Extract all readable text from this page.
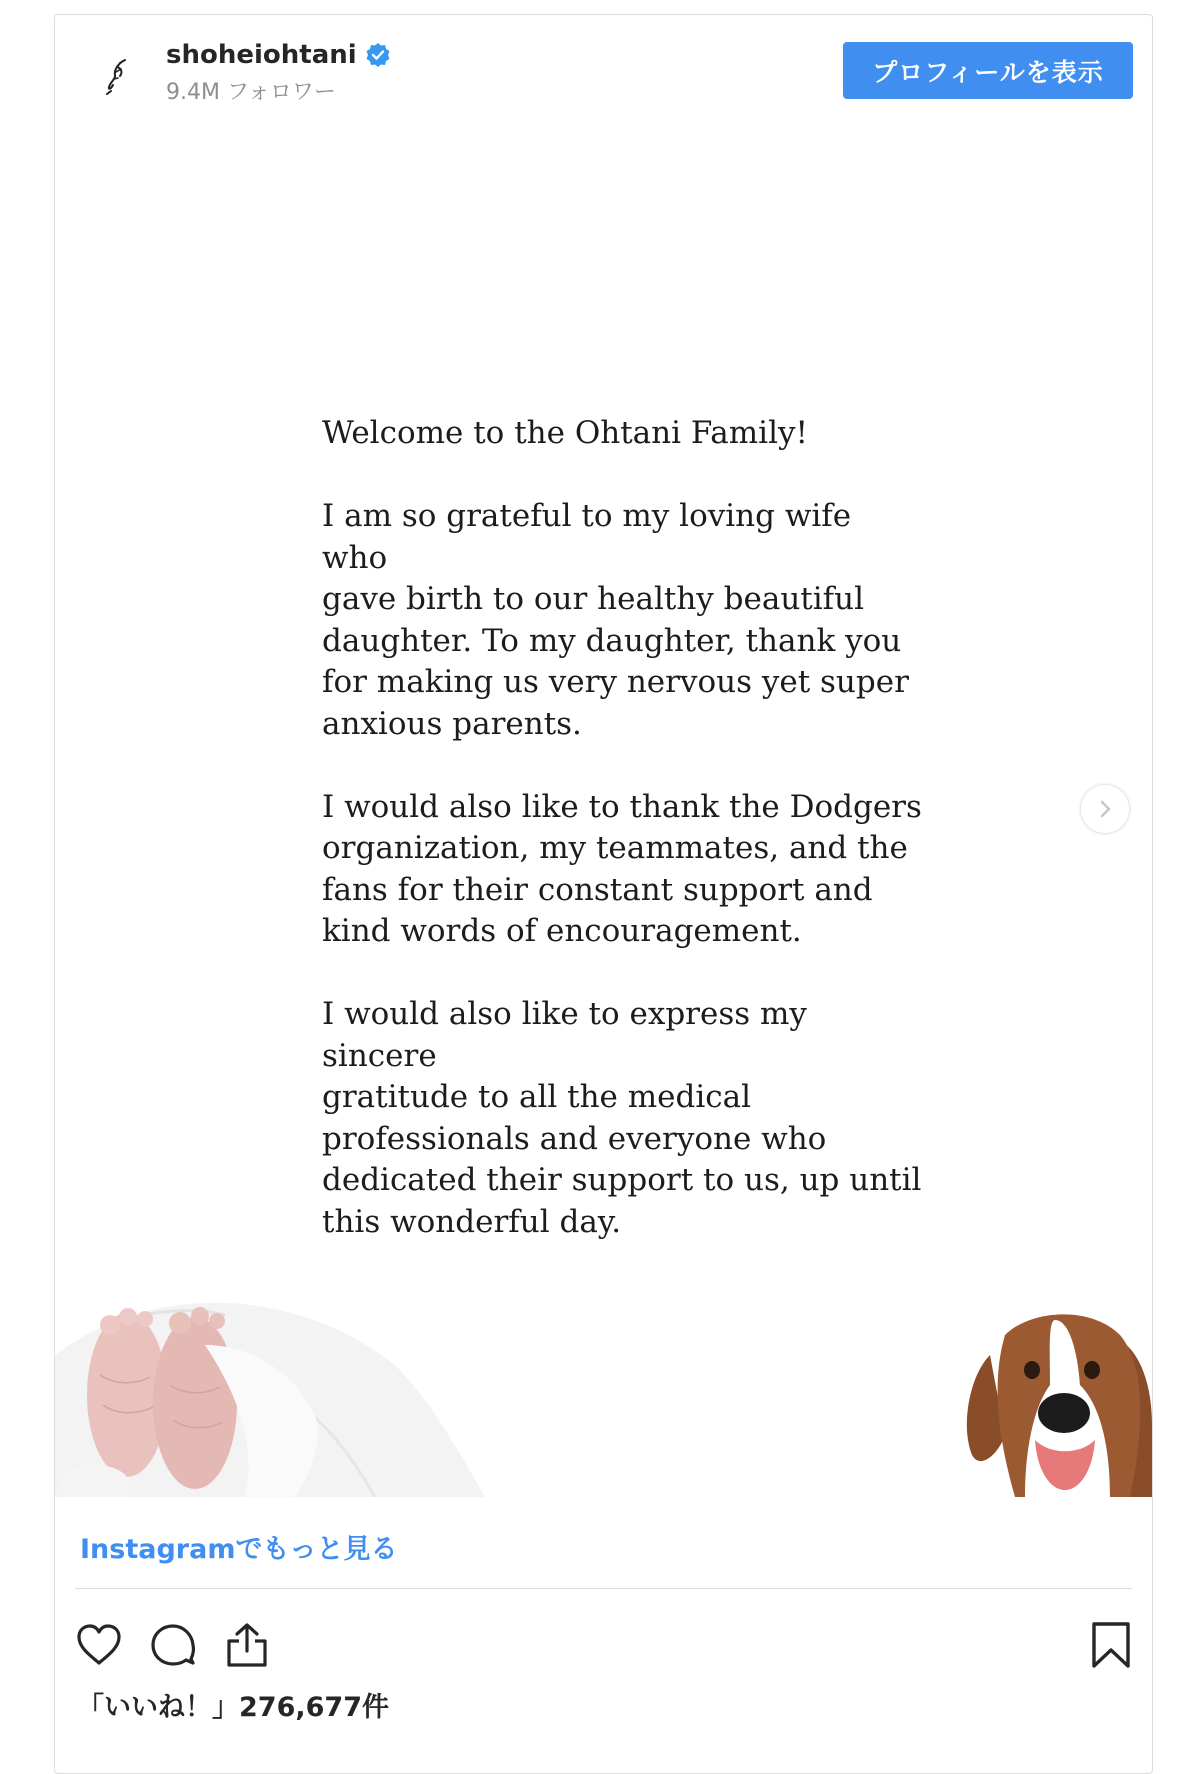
shoheiohtani
9.4M フォロワー
プロフィールを表示

Welcome to the Ohtani Family!

I am so grateful to my loving wife who
gave birth to our healthy beautiful
daughter. To my daughter, thank you
for making us very nervous yet super
anxious parents.

I would also like to thank the Dodgers
organization, my teammates, and the
fans for their constant support and
kind words of encouragement.

I would also like to express my sincere
gratitude to all the medical
professionals and everyone who
dedicated their support to us, up until
this wonderful day.

Instagramでもっと見る
「いいね！」276,677件
